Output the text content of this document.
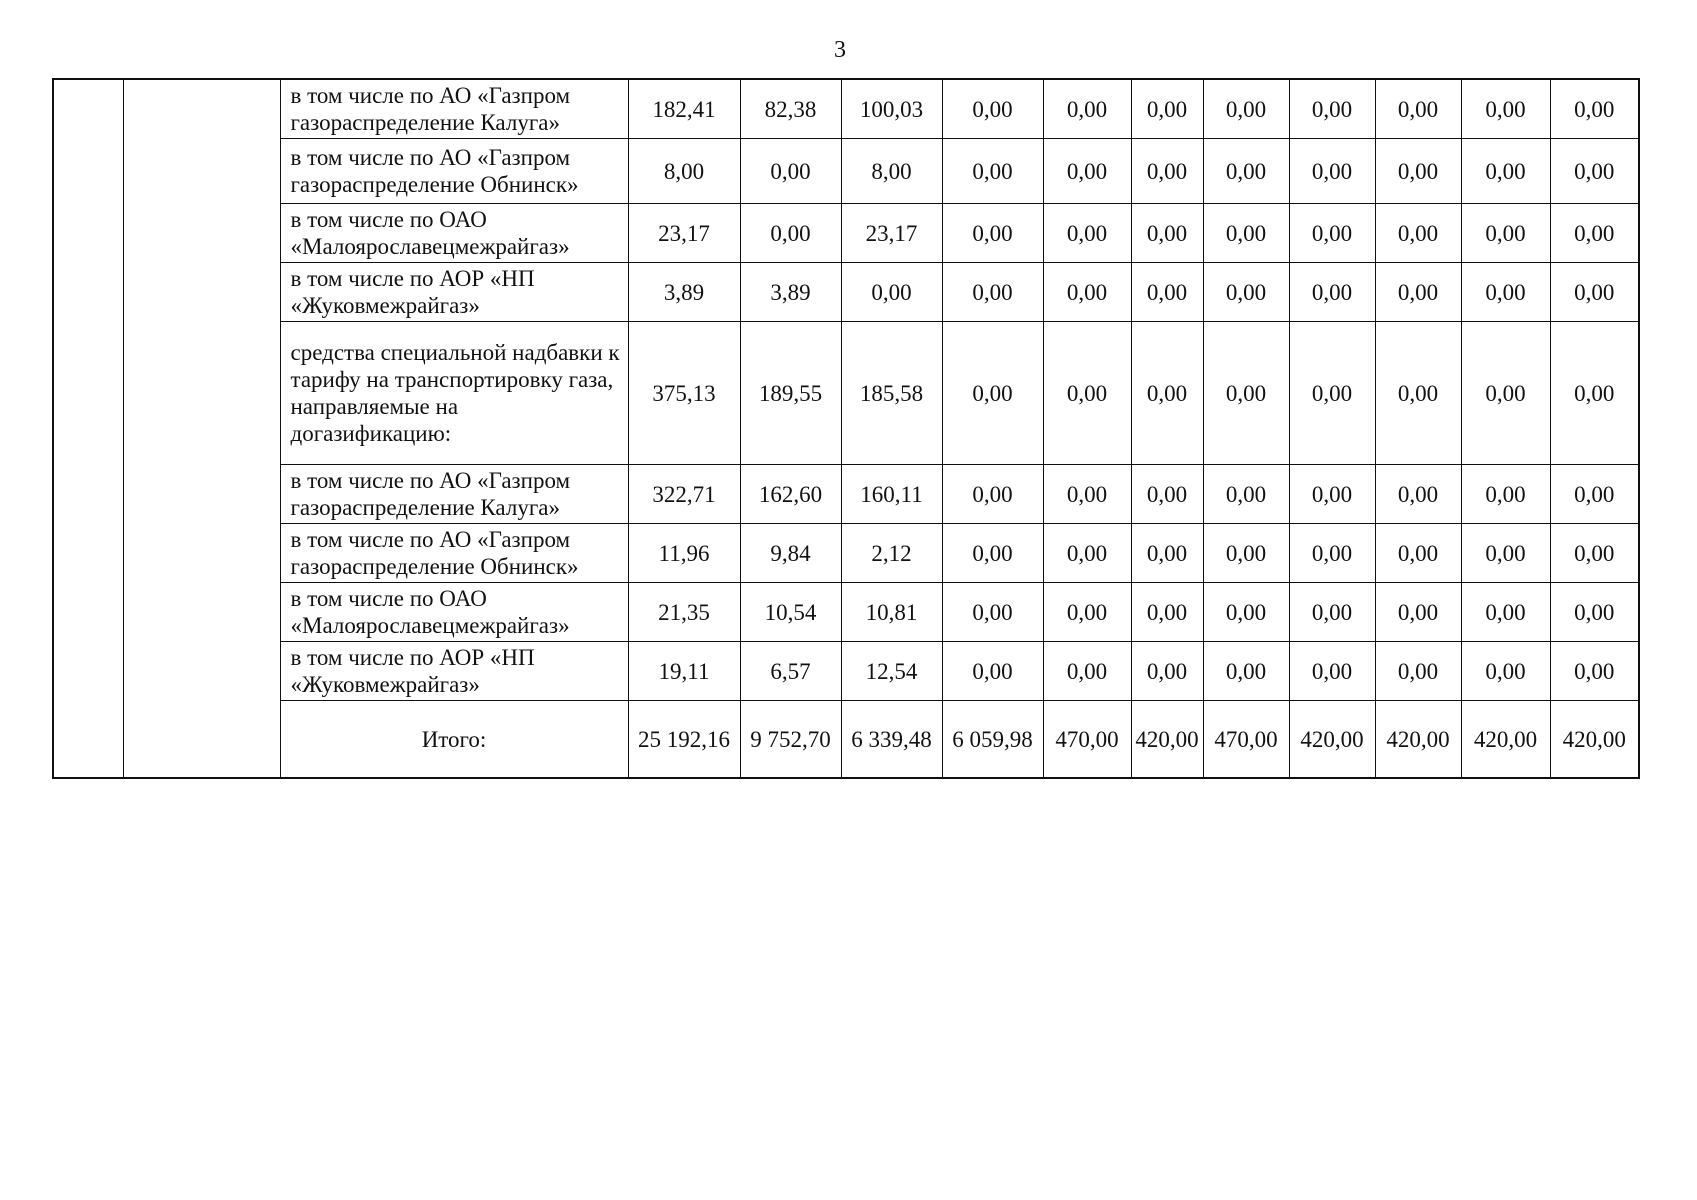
3
		в том числе по АО «Газпром газораспределение Калуга»	182,41	82,38	100,03	0,00	0,00	0,00	0,00	0,00	0,00	0,00	0,00
		в том числе по АО «Газпром газораспределение Обнинск»	8,00	0,00	8,00	0,00	0,00	0,00	0,00	0,00	0,00	0,00	0,00
		в том числе по ОАО «Малоярославецмежрайгаз»	23,17	0,00	23,17	0,00	0,00	0,00	0,00	0,00	0,00	0,00	0,00
		в том числе по АОР «НП «Жуковмежрайгаз»	3,89	3,89	0,00	0,00	0,00	0,00	0,00	0,00	0,00	0,00	0,00
		средства специальной надбавки к тарифу на транспортировку газа, направляемые на догазификацию:	375,13	189,55	185,58	0,00	0,00	0,00	0,00	0,00	0,00	0,00	0,00
		в том числе по АО «Газпром газораспределение Калуга»	322,71	162,60	160,11	0,00	0,00	0,00	0,00	0,00	0,00	0,00	0,00
		в том числе по АО «Газпром газораспределение Обнинск»	11,96	9,84	2,12	0,00	0,00	0,00	0,00	0,00	0,00	0,00	0,00
		в том числе по ОАО «Малоярославецмежрайгаз»	21,35	10,54	10,81	0,00	0,00	0,00	0,00	0,00	0,00	0,00	0,00
		в том числе по АОР «НП «Жуковмежрайгаз»	19,11	6,57	12,54	0,00	0,00	0,00	0,00	0,00	0,00	0,00	0,00
		Итого:	25 192,16	9 752,70	6 339,48	6 059,98	470,00	420,00	470,00	420,00	420,00	420,00	420,00
